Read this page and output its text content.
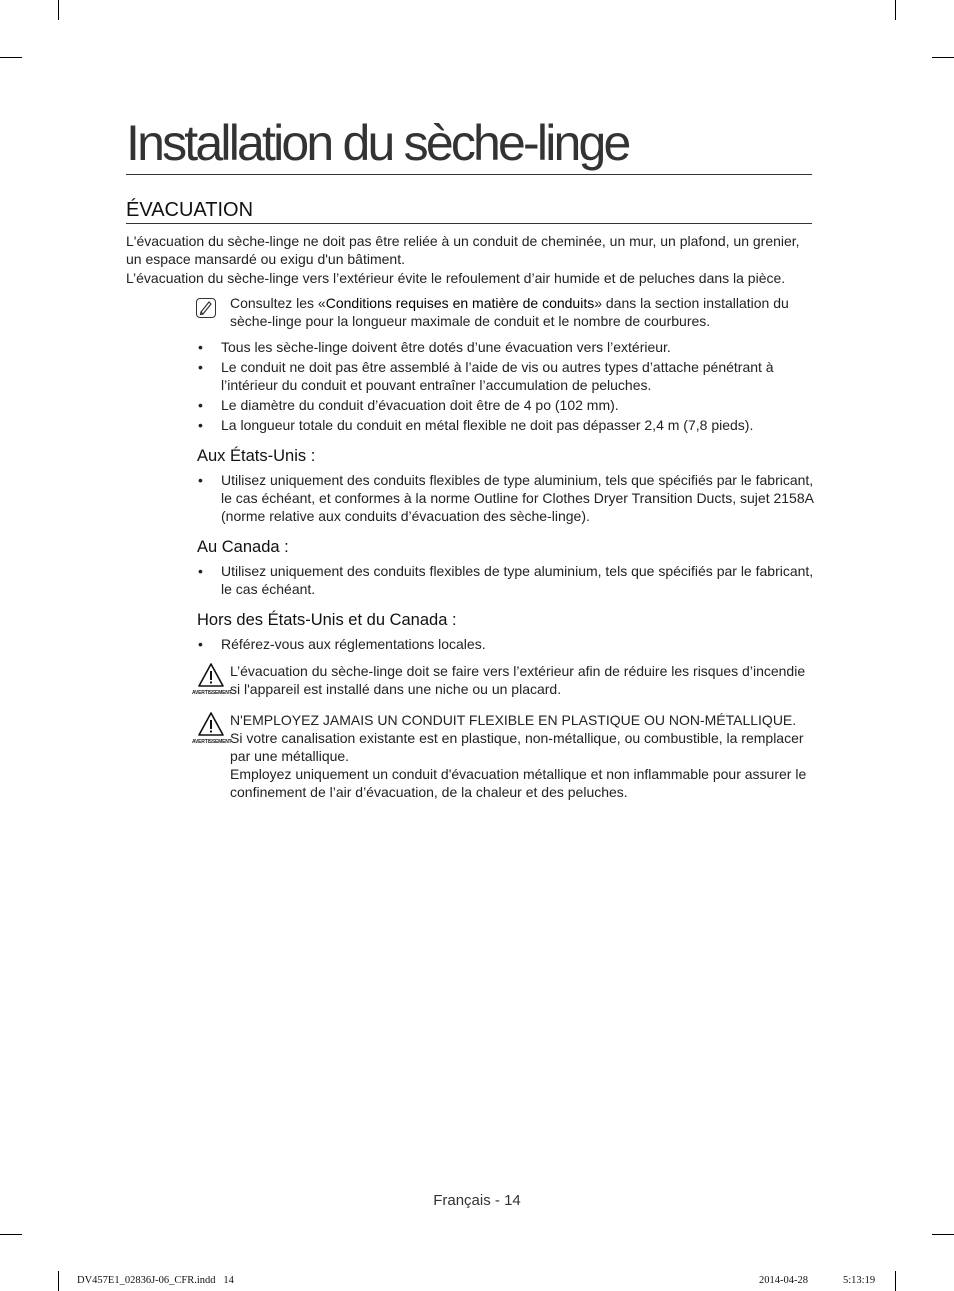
Installation du sèche-linge
ÉVACUATION

L'évacuation du sèche-linge ne doit pas être reliée à un conduit de cheminée, un mur, un plafond, un grenier, un espace mansardé ou exigu d'un bâtiment.

L’évacuation du sèche-linge vers l’extérieur évite le refoulement d’air humide et de peluches dans la pièce.

Consultez les «Conditions requises en matière de conduits» dans la section installation du sèche-linge pour la longueur maximale de conduit et le nombre de courbures.
• Tous les sèche-linge doivent être dotés d’une évacuation vers l’extérieur.
• Le conduit ne doit pas être assemblé à l’aide de vis ou autres types d’attache pénétrant à l’intérieur du conduit et pouvant entraîner l’accumulation de peluches.
• Le diamètre du conduit d’évacuation doit être de 4 po (102 mm).
• La longueur totale du conduit en métal flexible ne doit pas dépasser 2,4 m (7,8 pieds).
Aux États-Unis :
• Utilisez uniquement des conduits flexibles de type aluminium, tels que spécifiés par le fabricant, le cas échéant, et conformes à la norme Outline for Clothes Dryer Transition Ducts, sujet 2158A (norme relative aux conduits d’évacuation des sèche-linge).
Au Canada :
• Utilisez uniquement des conduits flexibles de type aluminium, tels que spécifiés par le fabricant, le cas échéant.
Hors des États-Unis et du Canada :
• Référez-vous aux réglementations locales.
AVERTISSEMENT

L’évacuation du sèche-linge doit se faire vers l’extérieur afin de réduire les risques d’incendie si l'appareil est installé dans une niche ou un placard.

AVERTISSEMENT

N'EMPLOYEZ JAMAIS UN CONDUIT FLEXIBLE EN PLASTIQUE OU NON-MÉTALLIQUE.

Si votre canalisation existante est en plastique, non-métallique, ou combustible, la remplacer par une métallique.

Employez uniquement un conduit d'évacuation métallique et non inflammable pour assurer le confinement de l’air d’évacuation, de la chaleur et des peluches.

Français - 14
DV457E1_02836J-06_CFR.indd   14	2014-04-28	5:13:19
